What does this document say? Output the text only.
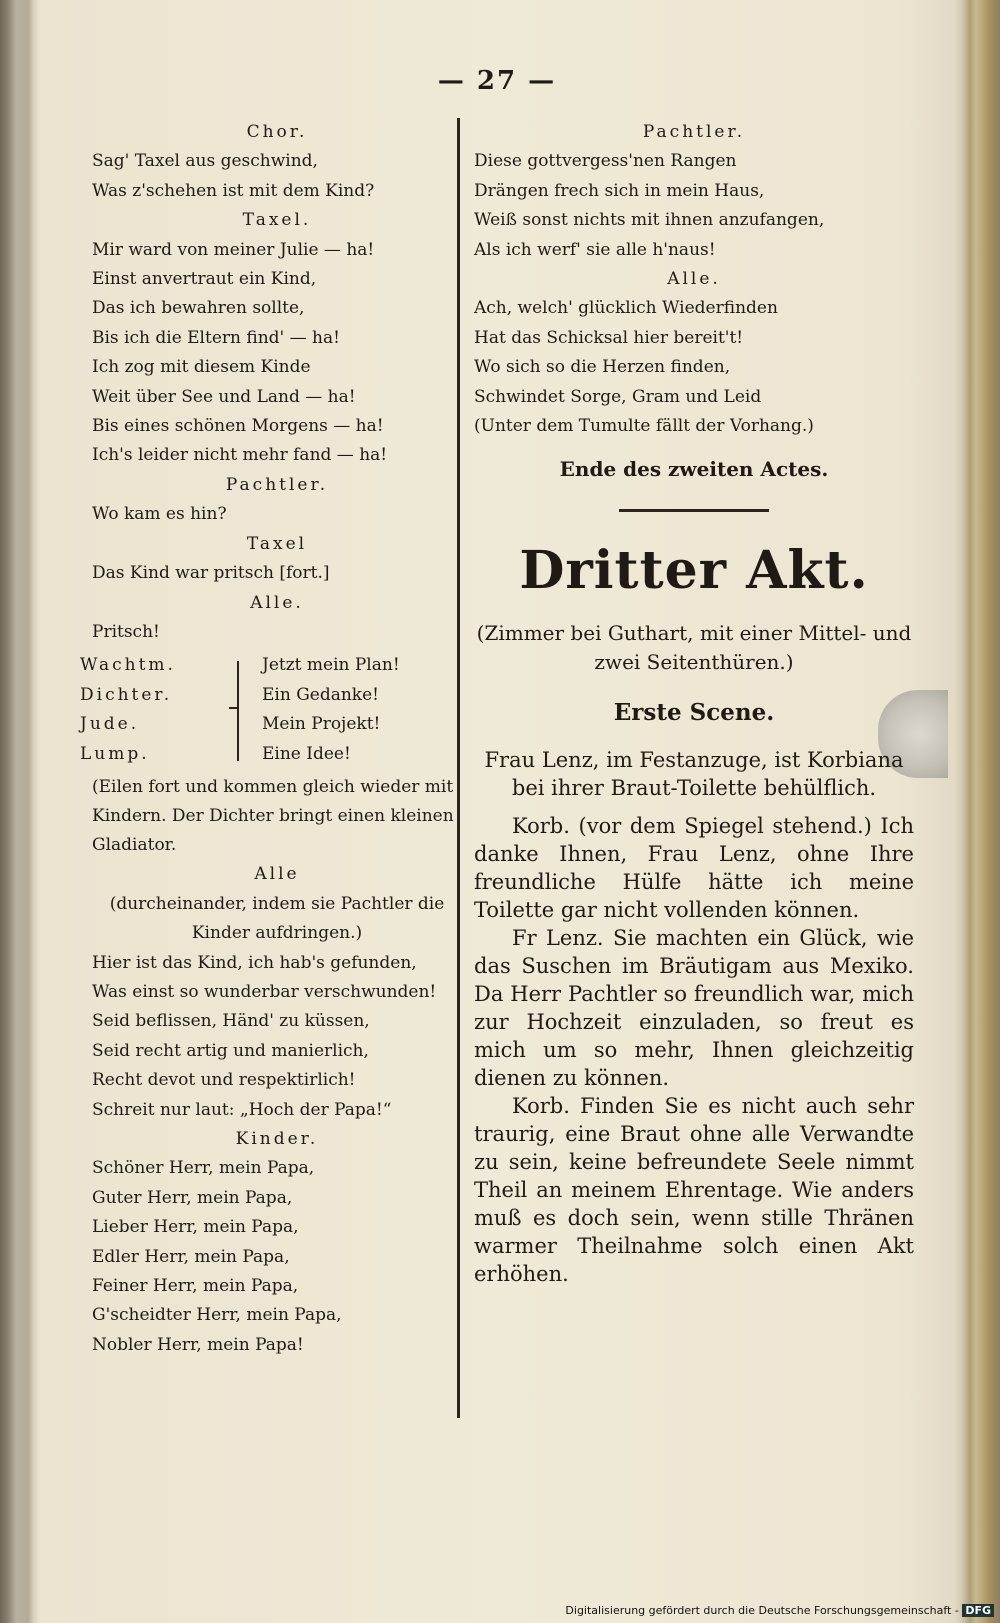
— 27 —
Chor.
Sag' Taxel aus geschwind,
Was z'schehen ist mit dem Kind?
Taxel.
Mir ward von meiner Julie — ha!
Einst anvertraut ein Kind,
Das ich bewahren sollte,
Bis ich die Eltern find' — ha!
Ich zog mit diesem Kinde
Weit über See und Land — ha!
Bis eines schönen Morgens — ha!
Ich's leider nicht mehr fand — ha!
Pachtler.
Wo kam es hin?
Taxel
Das Kind war pritsch [fort.]
Alle.
Pritsch!
Wachtm.
Dichter.
Jude.
Lump.
Jetzt mein Plan!
Ein Gedanke!
Mein Projekt!
Eine Idee!
(Eilen fort und kommen gleich wieder mit Kindern. Der Dichter bringt einen kleinen Gladiator.
Alle
(durcheinander, indem sie Pachtler die Kinder aufdringen.)
Hier ist das Kind, ich hab's gefunden,
Was einst so wunderbar verschwunden!
Seid beflissen, Händ' zu küssen,
Seid recht artig und manierlich,
Recht devot und respektirlich!
Schreit nur laut: „Hoch der Papa!“
Kinder.
Schöner Herr, mein Papa,
Guter Herr, mein Papa,
Lieber Herr, mein Papa,
Edler Herr, mein Papa,
Feiner Herr, mein Papa,
G'scheidter Herr, mein Papa,
Nobler Herr, mein Papa!
Pachtler.
Diese gottvergess'nen Rangen
Drängen frech sich in mein Haus,
Weiß sonst nichts mit ihnen anzufangen,
Als ich werf' sie alle h'naus!
Alle.
Ach, welch' glücklich Wiederfinden
Hat das Schicksal hier bereit't!
Wo sich so die Herzen finden,
Schwindet Sorge, Gram und Leid
(Unter dem Tumulte fällt der Vorhang.)
Ende des zweiten Actes.
Dritter Akt.
(Zimmer bei Guthart, mit einer Mittel- und zwei Seitenthüren.)
Erste Scene.

Frau Lenz, im Festanzuge, ist Korbiana bei ihrer Braut-Toilette behülflich.

Korb. (vor dem Spiegel stehend.) Ich danke Ihnen, Frau Lenz, ohne Ihre freundliche Hülfe hätte ich meine Toilette gar nicht vollenden können.

Fr Lenz. Sie machten ein Glück, wie das Suschen im Bräutigam aus Mexiko. Da Herr Pachtler so freundlich war, mich zur Hochzeit einzuladen, so freut es mich um so mehr, Ihnen gleichzeitig dienen zu können.

Korb. Finden Sie es nicht auch sehr traurig, eine Braut ohne alle Verwandte zu sein, keine befreundete Seele nimmt Theil an meinem Ehrentage. Wie anders muß es doch sein, wenn stille Thränen warmer Theilnahme solch einen Akt erhöhen.

Digitalisierung gefördert durch die Deutsche Forschungsgemeinschaft - DFG
